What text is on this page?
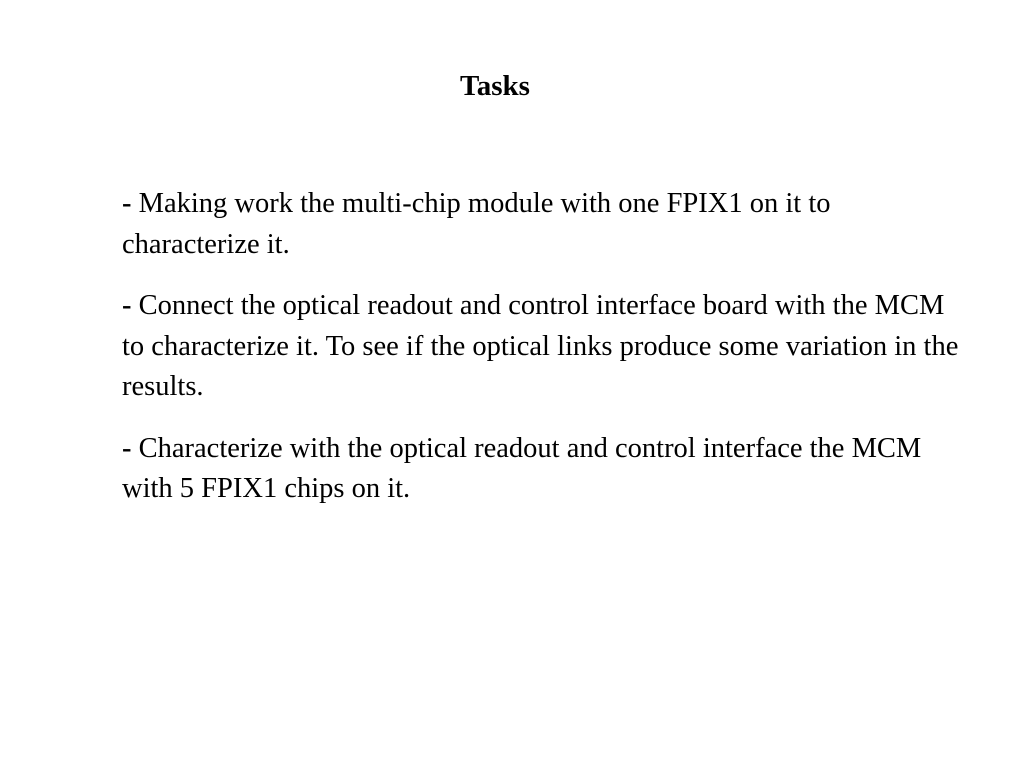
Tasks
- Making work the multi-chip module with one FPIX1 on it to characterize it.
- Connect the optical readout and control interface board with the MCM to characterize it. To see if the optical links produce some variation in the results.
- Characterize with the optical readout and control interface the MCM with 5 FPIX1 chips on it.
